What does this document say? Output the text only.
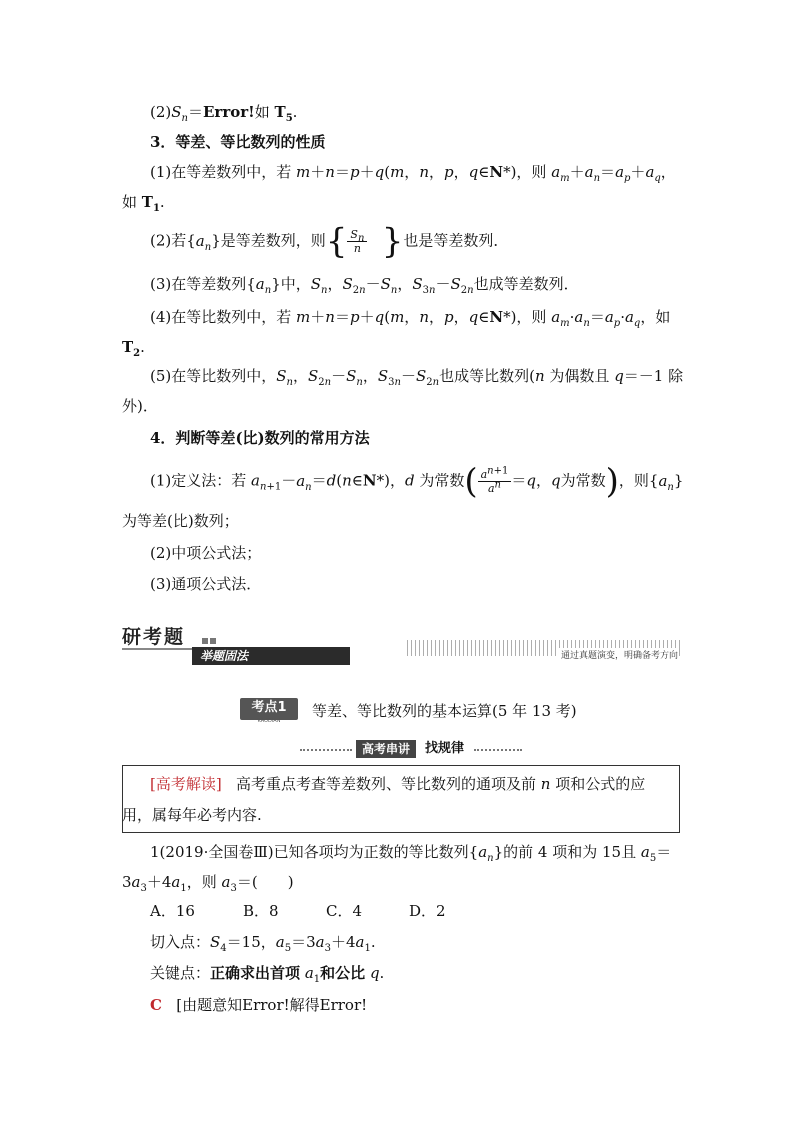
$(2)S_n=Error$!如 $T_5$.
3．等差、等比数列的性质
(1)在等差数列中，若 m＋n＝p＋q(m，n，p，q∈N*)，则 $a_m+a_n=a_p+a_q$，
如 $T_1$.
(2)若$\{a_n\}$是等差数列，则{ $\frac{S_n}{n}$ }也是等差数列．
(3)在等差数列$\{a_n\}$中，$S_n$，$S_{2n}-S_n$，$S_{3n}-S_{2n}$也成等差数列．
(4)在等比数列中，若 m＋n＝p＋q(m，n，p，q∈N*)，则 $a_m\cdot a_n=a_p\cdot a_q$，如
$T_2$.
(5)在等比数列中，$S_n$，$S_{2n}-S_n$，$S_{3n}-S_{2n}$也成等比数列(n 为偶数且 q＝－1 除
外)．
4．判断等差(比)数列的常用方法
(1)定义法：若 $a_{n+1}-a_n=d(n\in N*)$，d 为常数( $\frac{a^{n+1}}{a^n} =q$，q为常数)，则$\{a_n\}$
为等差(比)数列；
(2)中项公式法；
(3)通项公式法．
研考题
举题固法	通过真题演变，明确备考方向
考点1
KAODIAN
等差、等比数列的基本运算(5 年 13 考)
高考串讲	找规律
[高考解读]   高考重点考查等差数列、等比数列的通项及前 n 项和公式的应
用，属每年必考内容.
1(2019·全国卷Ⅲ)已知各项均为正数的等比数列$\{a_n\}$的前 4 项和为 15且 $a_5=$
$3a_3+4a_1$，则 $a_3=$(　　)
A．16	B．8	C．4	D．2
切入点：$S_4=15$，$a_5=3a_3+4a_1$.
关键点：正确求出首项 $a_1$和公比 q.
C [由题意知Error!解得Error!
